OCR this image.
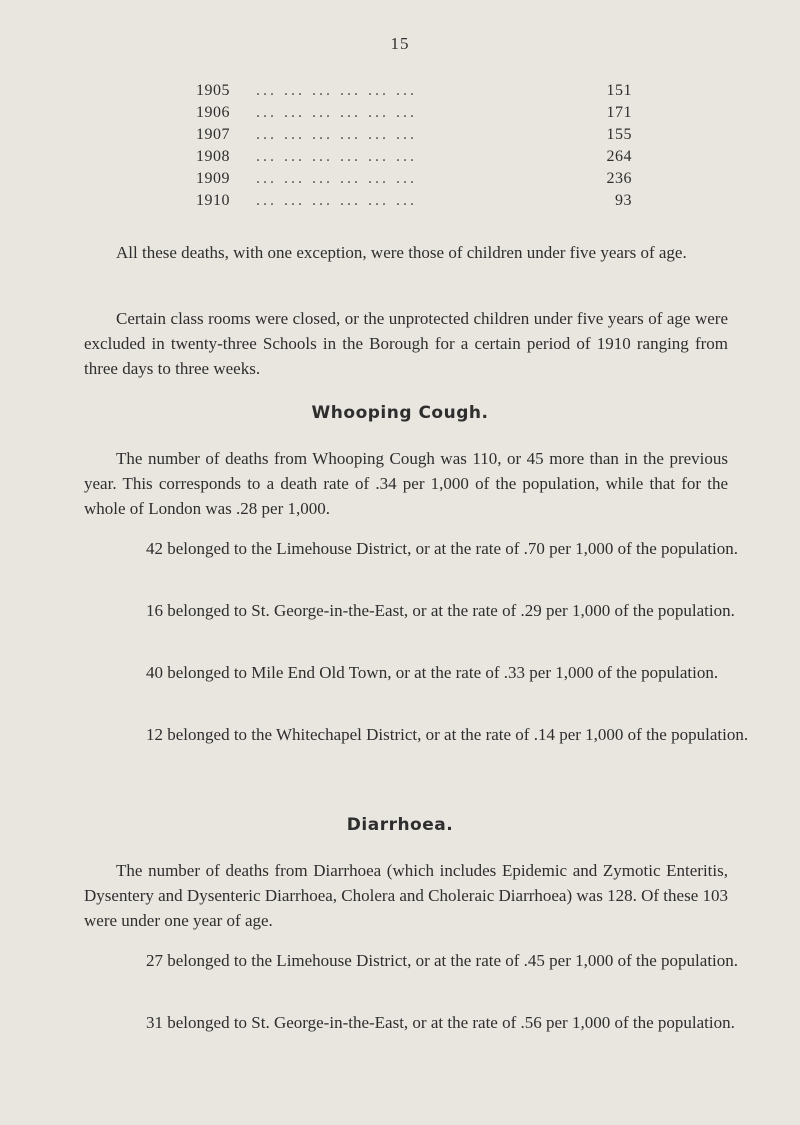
15
1905	... ... ... ... ... ...	151
1906	... ... ... ... ... ...	171
1907	... ... ... ... ... ...	155
1908	... ... ... ... ... ...	264
1909	... ... ... ... ... ...	236
1910	... ... ... ... ... ...	93

All these deaths, with one exception, were those of children under five years of age.

Certain class rooms were closed, or the unprotected children under five years of age were excluded in twenty-three Schools in the Borough for a certain period of 1910 ranging from three days to three weeks.

Whooping Cough.

The number of deaths from Whooping Cough was 110, or 45 more than in the previous year. This corresponds to a death rate of .34 per 1,000 of the population, while that for the whole of London was .28 per 1,000.

42 belonged to the Limehouse District, or at the rate of .70 per 1,000 of the population.

16 belonged to St. George-in-the-East, or at the rate of .29 per 1,000 of the population.

40 belonged to Mile End Old Town, or at the rate of .33 per 1,000 of the population.

12 belonged to the Whitechapel District, or at the rate of .14 per 1,000 of the population.

Diarrhoea.

The number of deaths from Diarrhoea (which includes Epidemic and Zymotic Enteritis, Dysentery and Dysenteric Diarrhoea, Cholera and Choleraic Diarrhoea) was 128. Of these 103 were under one year of age.

27 belonged to the Limehouse District, or at the rate of .45 per 1,000 of the population.

31 belonged to St. George-in-the-East, or at the rate of .56 per 1,000 of the population.
